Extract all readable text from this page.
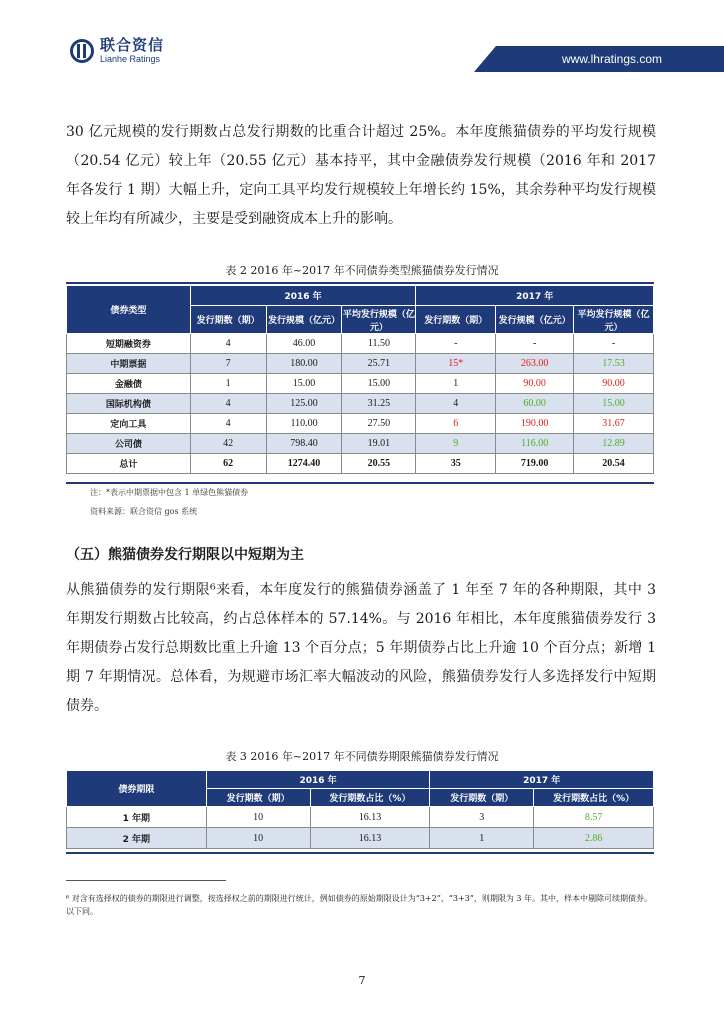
联合资信
Lianhe Ratings	www.lhratings.com
30 亿元规模的发行期数占总发行期数的比重合计超过 25%。本年度熊猫债券的平均发行规模（20.54 亿元）较上年（20.55 亿元）基本持平，其中金融债券发行规模（2016 年和 2017 年各发行 1 期）大幅上升，定向工具平均发行规模较上年增长约 15%，其余券种平均发行规模较上年均有所减少，主要是受到融资成本上升的影响。
表 2 2016 年~2017 年不同债券类型熊猫债券发行情况
债券类型	2016 年			2017 年		
	发行期数（期）	发行规模（亿元）	平均发行规模（亿元）	发行期数（期）	发行规模（亿元）	平均发行规模（亿元）
短期融资券	4	46.00	11.50	-	-	-
中期票据	7	180.00	25.71	15*	263.00	17.53
金融债	1	15.00	15.00	1	90.00	90.00
国际机构债	4	125.00	31.25	4	60.00	15.00
定向工具	4	110.00	27.50	6	190.00	31.67
公司债	42	798.40	19.01	9	116.00	12.89
总计	62	1274.40	20.55	35	719.00	20.54
注：*表示中期票据中包含 1 单绿色熊猫债券
资料来源：联合资信 gos 系统
（五）熊猫债券发行期限以中短期为主
从熊猫债券的发行期限⁶来看，本年度发行的熊猫债券涵盖了 1 年至 7 年的各种期限，其中 3 年期发行期数占比较高，约占总体样本的 57.14%。与 2016 年相比，本年度熊猫债券发行 3 年期债券占发行总期数比重上升逾 13 个百分点；5 年期债券占比上升逾 10 个百分点；新增 1 期 7 年期情况。总体看，为规避市场汇率大幅波动的风险，熊猫债券发行人多选择发行中短期债券。
表 3 2016 年~2017 年不同债券期限熊猫债券发行情况
债券期限	2016 年		2017 年	
	发行期数（期）	发行期数占比（%）	发行期数（期）	发行期数占比（%）
1 年期	10	16.13	3	8.57
2 年期	10	16.13	1	2.86
⁶ 对含有选择权的债券的期限进行调整，按选择权之前的期限进行统计，例如债券的原始期限设计为“3+2”、“3+3”，则期限为 3 年。其中，样本中剔除可续期债券。以下同。
7
